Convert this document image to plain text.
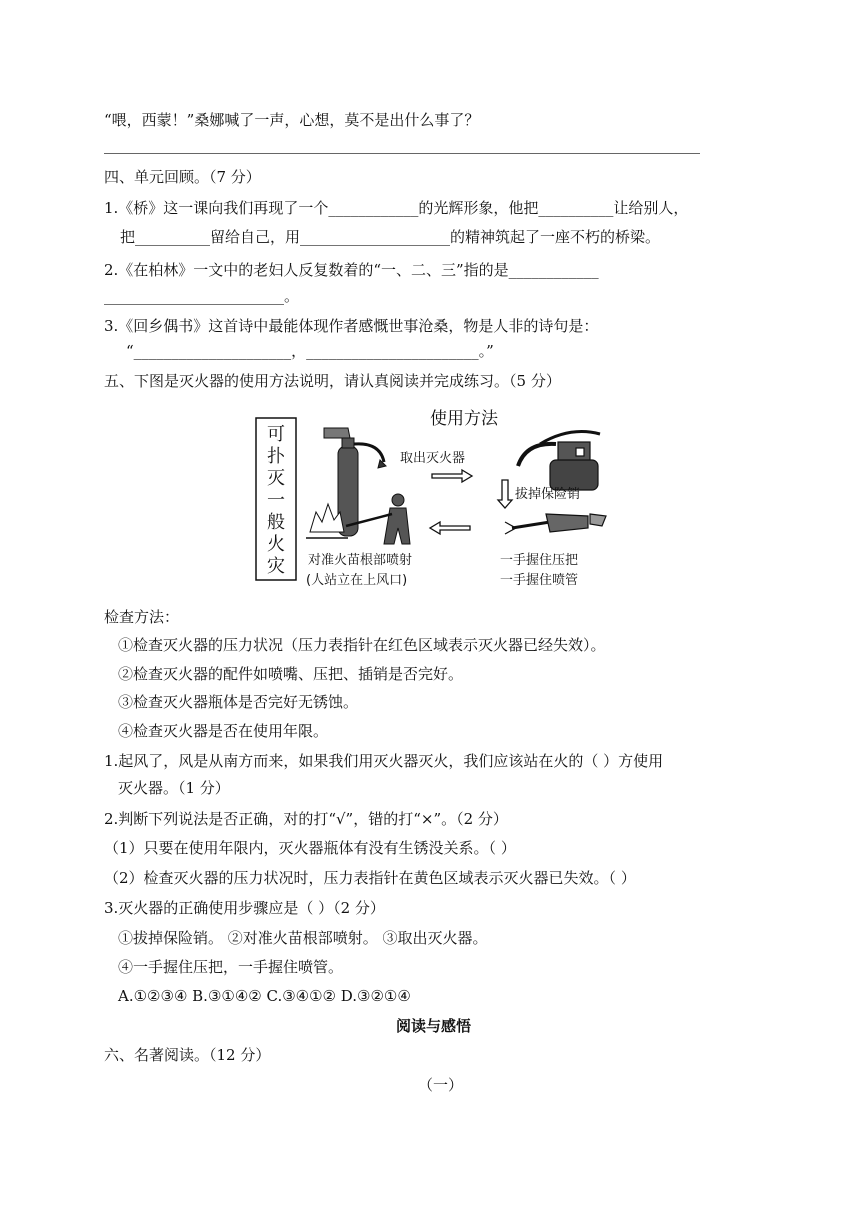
“喂，西蒙！”桑娜喊了一声，心想，莫不是出什么事了？
四、单元回顾。（7 分）
1.《桥》这一课向我们再现了一个____________的光辉形象，他把__________让给别人，
把__________留给自己，用____________________的精神筑起了一座不朽的桥梁。
2.《在柏林》一文中的老妇人反复数着的“一、二、三”指的是____________
________________________。
3.《回乡偶书》这首诗中最能体现作者感慨世事沧桑，物是人非的诗句是：
“_____________________，_______________________。”
五、下图是灭火器的使用方法说明，请认真阅读并完成练习。（5 分）
可
扑
灭
一
般
火
灾
使用方法
取出灭火器
拔掉保险销
对准火苗根部喷射
(人站立在上风口)
一手握住压把
一手握住喷管
检查方法：
①检查灭火器的压力状况（压力表指针在红色区域表示灭火器已经失效）。
②检查灭火器的配件如喷嘴、压把、插销是否完好。
③检查灭火器瓶体是否完好无锈蚀。
④检查灭火器是否在使用年限。
1.起风了，风是从南方而来，如果我们用灭火器灭火，我们应该站在火的（ ）方使用
灭火器。（1 分）
2.判断下列说法是否正确，对的打“√”，错的打“×”。（2 分）
（1）只要在使用年限内，灭火器瓶体有没有生锈没关系。（ ）
（2）检查灭火器的压力状况时，压力表指针在黄色区域表示灭火器已失效。（ ）
3.灭火器的正确使用步骤应是（ ）（2 分）
①拔掉保险销。 ②对准火苗根部喷射。 ③取出灭火器。
④一手握住压把，一手握住喷管。
A.①②③④ B.③①④② C.③④①② D.③②①④
阅读与感悟
六、名著阅读。（12 分）
（一）
